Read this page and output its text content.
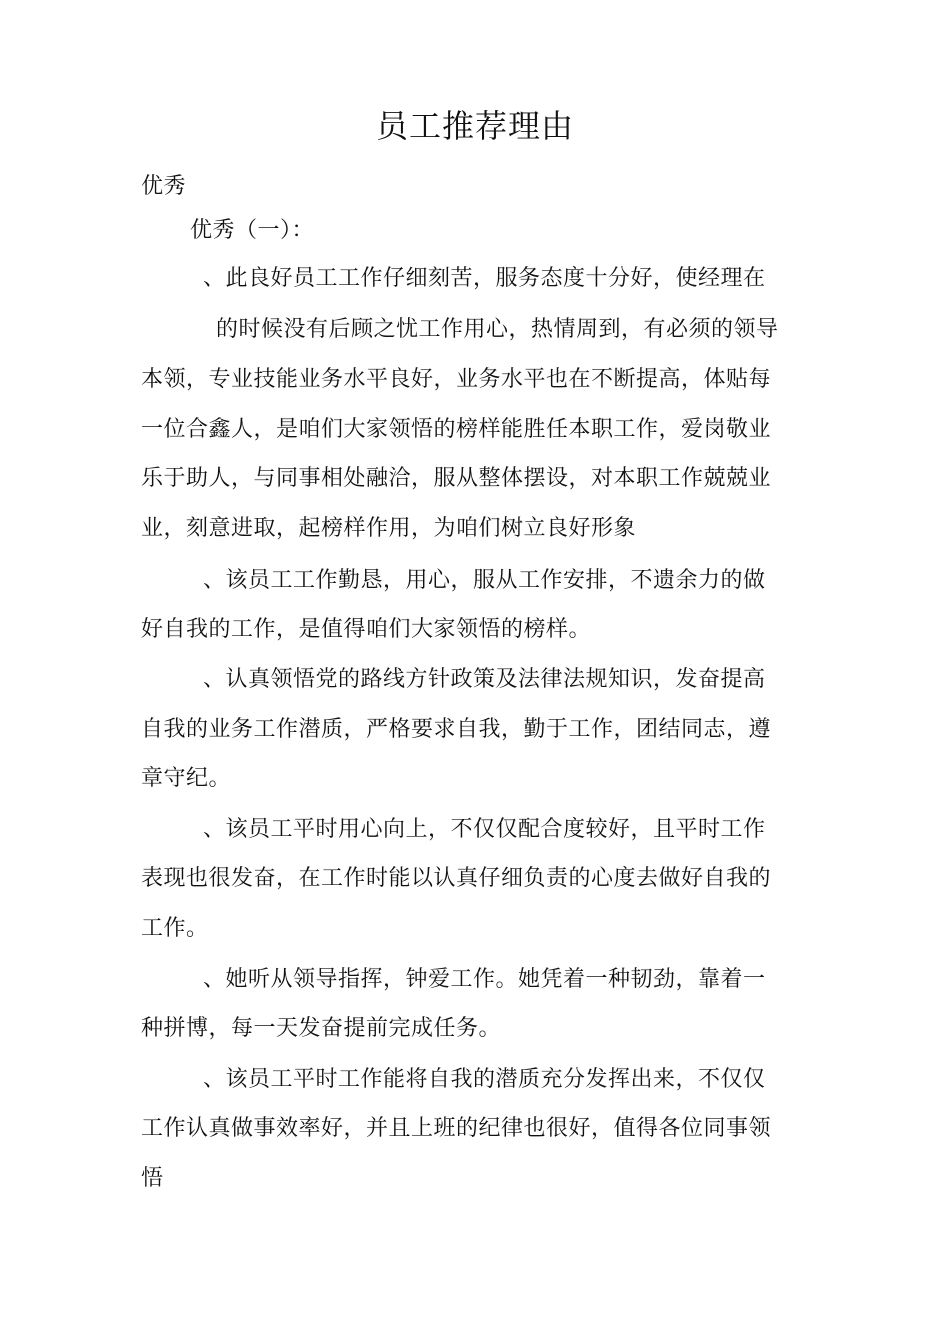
员工推荐理由
优秀
优秀（一）：
、此良好员工工作仔细刻苦，服务态度十分好，使经理在
的时候没有后顾之忧工作用心，热情周到，有必须的领导
本领，专业技能业务水平良好，业务水平也在不断提高，体贴每
一位合鑫人，是咱们大家领悟的榜样能胜任本职工作，爱岗敬业
乐于助人，与同事相处融洽，服从整体摆设，对本职工作兢兢业
业，刻意进取，起榜样作用，为咱们树立良好形象
、该员工工作勤恳，用心，服从工作安排，不遗余力的做
好自我的工作，是值得咱们大家领悟的榜样。
、认真领悟党的路线方针政策及法律法规知识，发奋提高
自我的业务工作潜质，严格要求自我，勤于工作，团结同志，遵
章守纪。
、该员工平时用心向上，不仅仅配合度较好，且平时工作
表现也很发奋，在工作时能以认真仔细负责的心度去做好自我的
工作。
、她听从领导指挥，钟爱工作。她凭着一种韧劲，靠着一
种拼博，每一天发奋提前完成任务。
、该员工平时工作能将自我的潜质充分发挥出来，不仅仅
工作认真做事效率好，并且上班的纪律也很好，值得各位同事领
悟
